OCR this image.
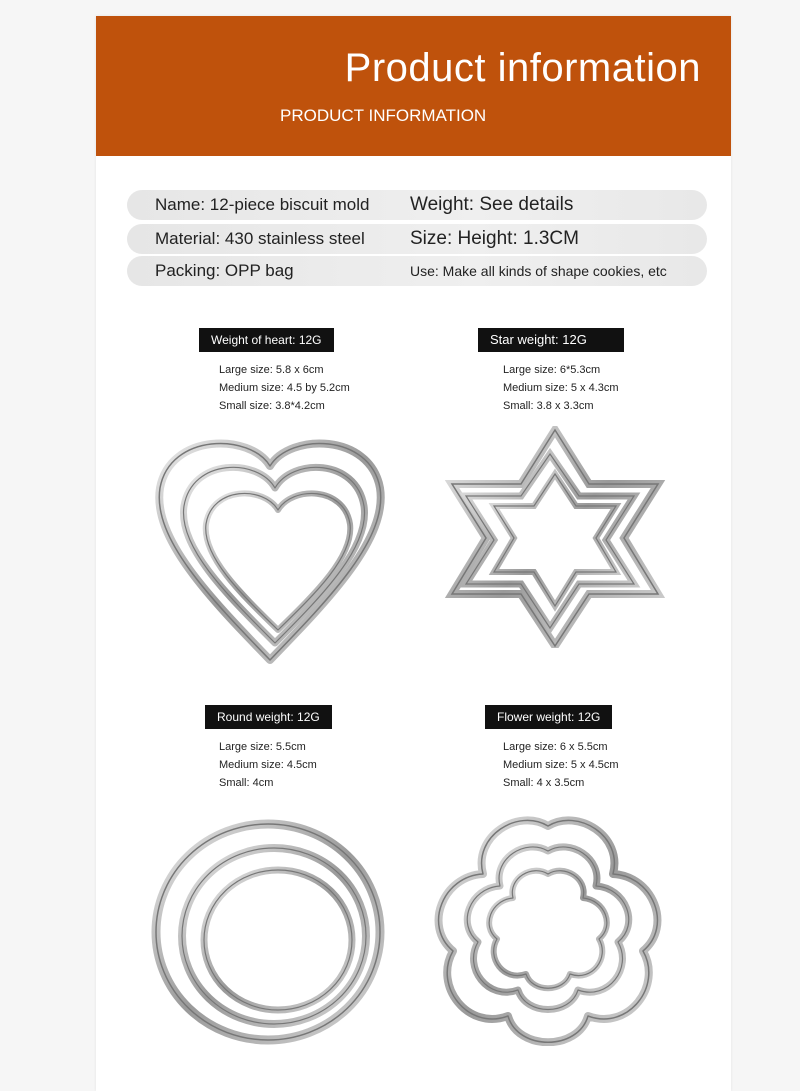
Product information
PRODUCT INFORMATION
Name: 12-piece biscuit mold Weight: See details
Material: 430 stainless steel Size: Height: 1.3CM
Packing: OPP bag	Use: Make all kinds of shape cookies, etc
Weight of heart: 12G
Large size: 5.8 x 6cm
Medium size: 4.5 by 5.2cm
Small size: 3.8*4.2cm
Star weight: 12G
Large size: 6*5.3cm
Medium size: 5 x 4.3cm
Small: 3.8 x 3.3cm
Round weight: 12G
Large size: 5.5cm
Medium size: 4.5cm
Small: 4cm
Flower weight: 12G
Large size: 6 x 5.5cm
Medium size: 5 x 4.5cm
Small: 4 x 3.5cm
